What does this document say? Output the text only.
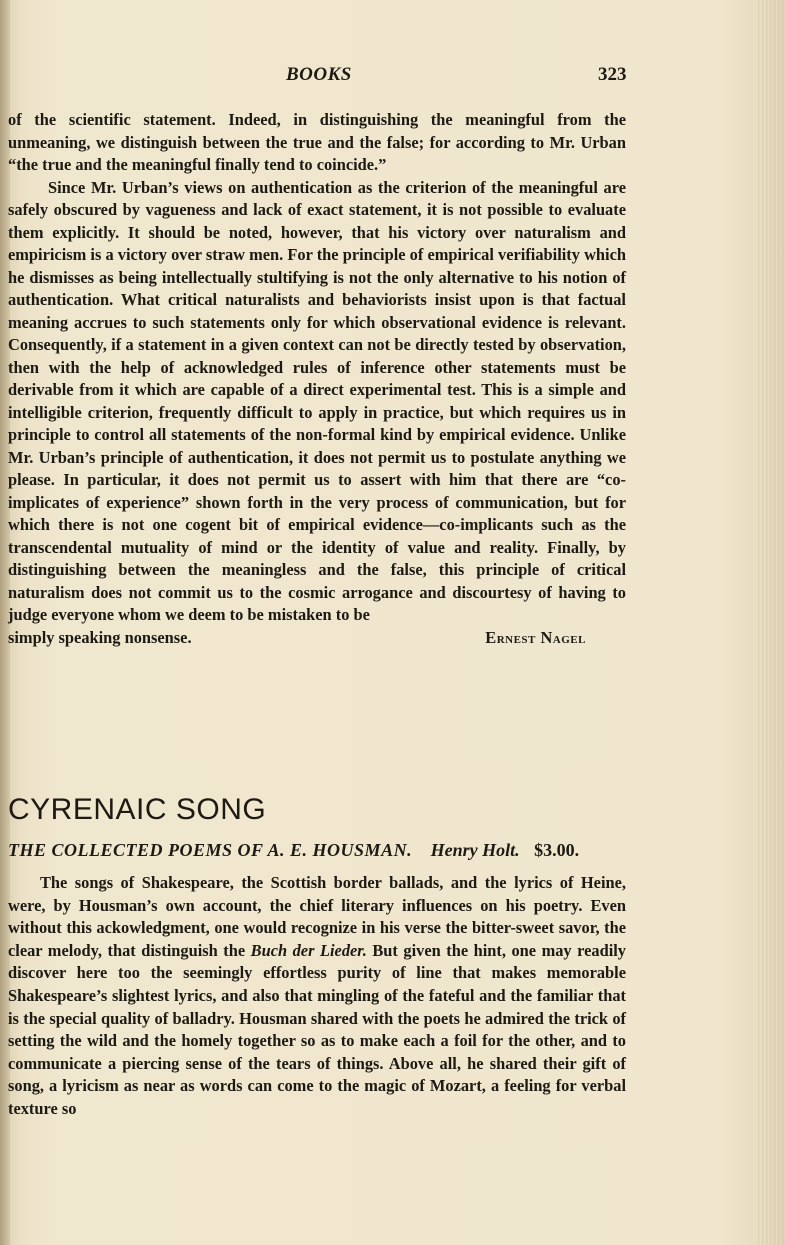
BOOKS	323

of the scientific statement. Indeed, in distinguishing the meaningful from the unmeaning, we distinguish between the true and the false; for according to Mr. Urban “the true and the meaningful finally tend to coincide.”

Since Mr. Urban’s views on authentication as the criterion of the meaningful are safely obscured by vagueness and lack of exact statement, it is not possible to evaluate them explicitly. It should be noted, however, that his victory over naturalism and empiricism is a victory over straw men. For the principle of empirical verifiability which he dismisses as being intellectually stultifying is not the only alternative to his notion of authentication. What critical naturalists and behaviorists insist upon is that factual meaning accrues to such statements only for which observational evidence is relevant. Consequently, if a statement in a given context can not be directly tested by observation, then with the help of acknowledged rules of inference other statements must be derivable from it which are capable of a direct experimental test. This is a simple and intelligible criterion, frequently difficult to apply in practice, but which requires us in principle to control all statements of the non-formal kind by empirical evidence. Unlike Mr. Urban’s principle of authentication, it does not permit us to postulate anything we please. In particular, it does not permit us to assert with him that there are “co-implicates of experience” shown forth in the very process of communication, but for which there is not one cogent bit of empirical evidence—co-implicants such as the transcendental mutuality of mind or the identity of value and reality. Finally, by distinguishing between the meaningless and the false, this principle of critical naturalism does not commit us to the cosmic arrogance and discourtesy of having to judge everyone whom we deem to be mistaken to be

simply speaking nonsense.	Ernest Nagel
CYRENAIC SONG
THE COLLECTED POEMS OF A. E. HOUSMAN. Henry Holt. $3.00.

The songs of Shakespeare, the Scottish border ballads, and the lyrics of Heine, were, by Housman’s own account, the chief literary influences on his poetry. Even without this ackowledgment, one would recognize in his verse the bitter-sweet savor, the clear melody, that distinguish the Buch der Lieder. But given the hint, one may readily discover here too the seemingly effortless purity of line that makes memorable Shakespeare’s slightest lyrics, and also that mingling of the fateful and the familiar that is the special quality of balladry. Housman shared with the poets he admired the trick of setting the wild and the homely together so as to make each a foil for the other, and to communicate a piercing sense of the tears of things. Above all, he shared their gift of song, a lyricism as near as words can come to the magic of Mozart, a feeling for verbal texture so
